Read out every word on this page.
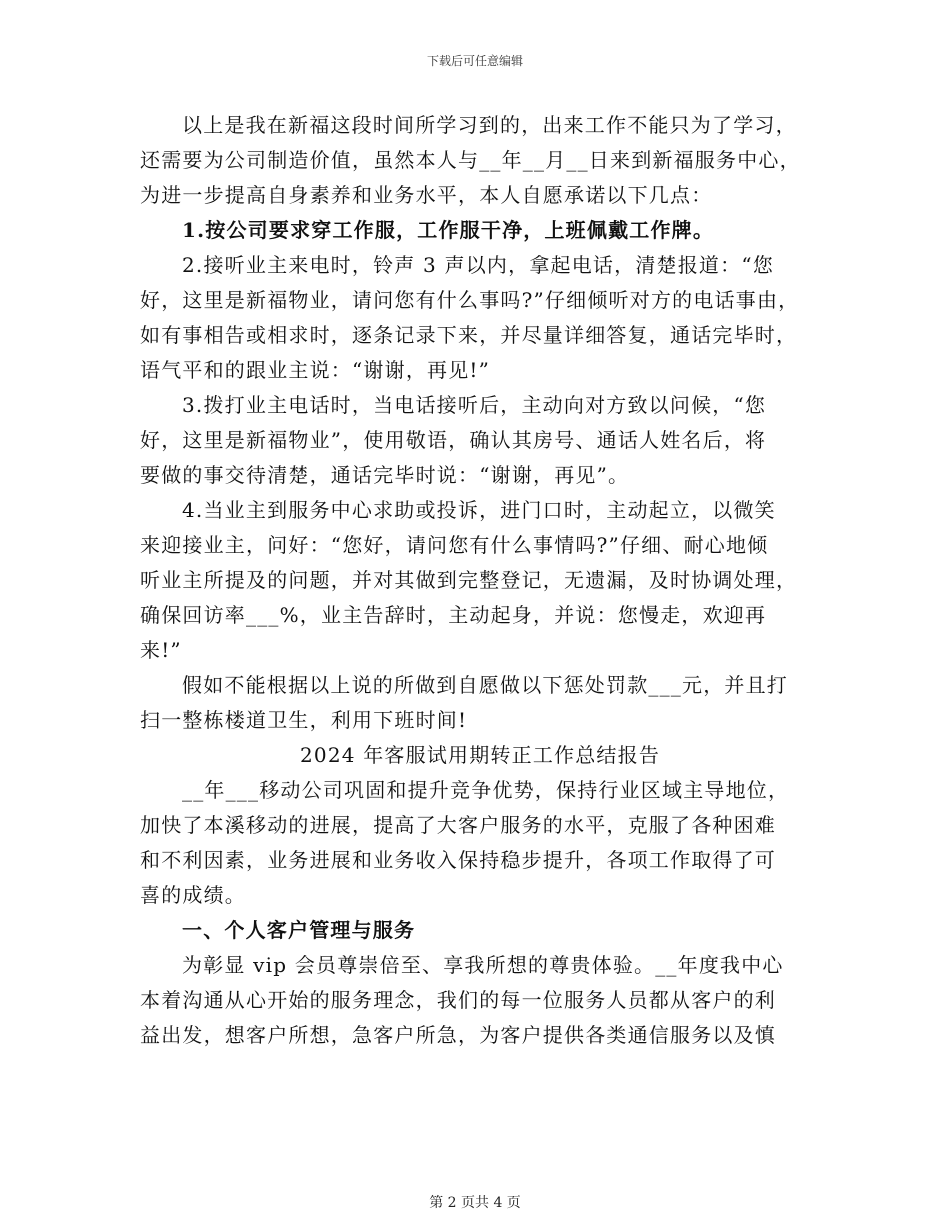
下载后可任意编辑
以上是我在新福这段时间所学习到的，出来工作不能只为了学习，
还需要为公司制造价值，虽然本人与__年__月__日来到新福服务中心，
为进一步提高自身素养和业务水平，本人自愿承诺以下几点：
1.按公司要求穿工作服，工作服干净，上班佩戴工作牌。
2.接听业主来电时，铃声 3 声以内，拿起电话，清楚报道：“您
好，这里是新福物业，请问您有什么事吗?”仔细倾听对方的电话事由，
如有事相告或相求时，逐条记录下来，并尽量详细答复，通话完毕时，
语气平和的跟业主说：“谢谢，再见!”
3.拨打业主电话时，当电话接听后，主动向对方致以问候，“您
好，这里是新福物业”，使用敬语，确认其房号、通话人姓名后，将
要做的事交待清楚，通话完毕时说：“谢谢，再见”。
4.当业主到服务中心求助或投诉，进门口时，主动起立，以微笑
来迎接业主，问好：“您好，请问您有什么事情吗?”仔细、耐心地倾
听业主所提及的问题，并对其做到完整登记，无遗漏，及时协调处理，
确保回访率___%，业主告辞时，主动起身，并说：您慢走，欢迎再
来!”
假如不能根据以上说的所做到自愿做以下惩处罚款___元，并且打
扫一整栋楼道卫生，利用下班时间!
2024 年客服试用期转正工作总结报告
__年___移动公司巩固和提升竞争优势，保持行业区域主导地位，
加快了本溪移动的进展，提高了大客户服务的水平，克服了各种困难
和不利因素，业务进展和业务收入保持稳步提升，各项工作取得了可
喜的成绩。
一、个人客户管理与服务
为彰显 vip 会员尊崇倍至、享我所想的尊贵体验。__年度我中心
本着沟通从心开始的服务理念，我们的每一位服务人员都从客户的利
益出发，想客户所想，急客户所急，为客户提供各类通信服务以及慎
第 2 页共 4 页
